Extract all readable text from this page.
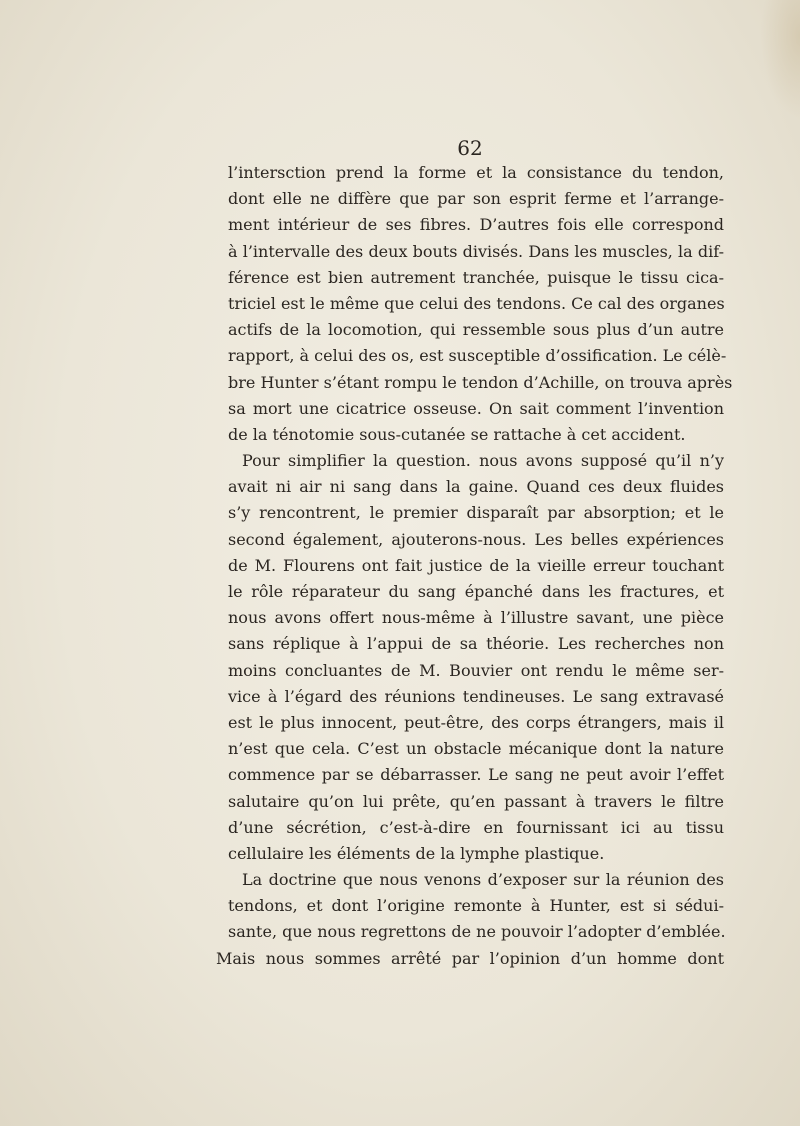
62
l’intersction prend la forme et la consistance du tendon,
dont elle ne diffère que par son esprit ferme et l’arrange-
ment intérieur de ses fibres. D’autres fois elle correspond
à l’intervalle des deux bouts divisés. Dans les muscles, la dif-
férence est bien autrement tranchée, puisque le tissu cica-
triciel est le même que celui des tendons. Ce cal des organes
actifs de la locomotion, qui ressemble sous plus d’un autre
rapport, à celui des os, est susceptible d’ossification. Le célè-
bre Hunter s’étant rompu le tendon d’Achille, on trouva après
sa mort une cicatrice osseuse. On sait comment l’invention
de la ténotomie sous-cutanée se rattache à cet accident.
Pour simplifier la question. nous avons supposé qu’il n’y
avait ni air ni sang dans la gaine. Quand ces deux fluides
s’y rencontrent, le premier disparaît par absorption; et le
second également, ajouterons-nous. Les belles expériences
de M. Flourens ont fait justice de la vieille erreur touchant
le rôle réparateur du sang épanché dans les fractures, et
nous avons offert nous-même à l’illustre savant, une pièce
sans réplique à l’appui de sa théorie. Les recherches non
moins concluantes de M. Bouvier ont rendu le même ser-
vice à l’égard des réunions tendineuses. Le sang extravasé
est le plus innocent, peut-être, des corps étrangers, mais il
n’est que cela. C’est un obstacle mécanique dont la nature
commence par se débarrasser. Le sang ne peut avoir l’effet
salutaire qu’on lui prête, qu’en passant à travers le filtre
d’une sécrétion, c’est-à-dire en fournissant ici au tissu
cellulaire les éléments de la lymphe plastique.
La doctrine que nous venons d’exposer sur la réunion des
tendons, et dont l’origine remonte à Hunter, est si sédui-
sante, que nous regrettons de ne pouvoir l’adopter d’emblée.
Mais nous sommes arrêté par l’opinion d’un homme dont
